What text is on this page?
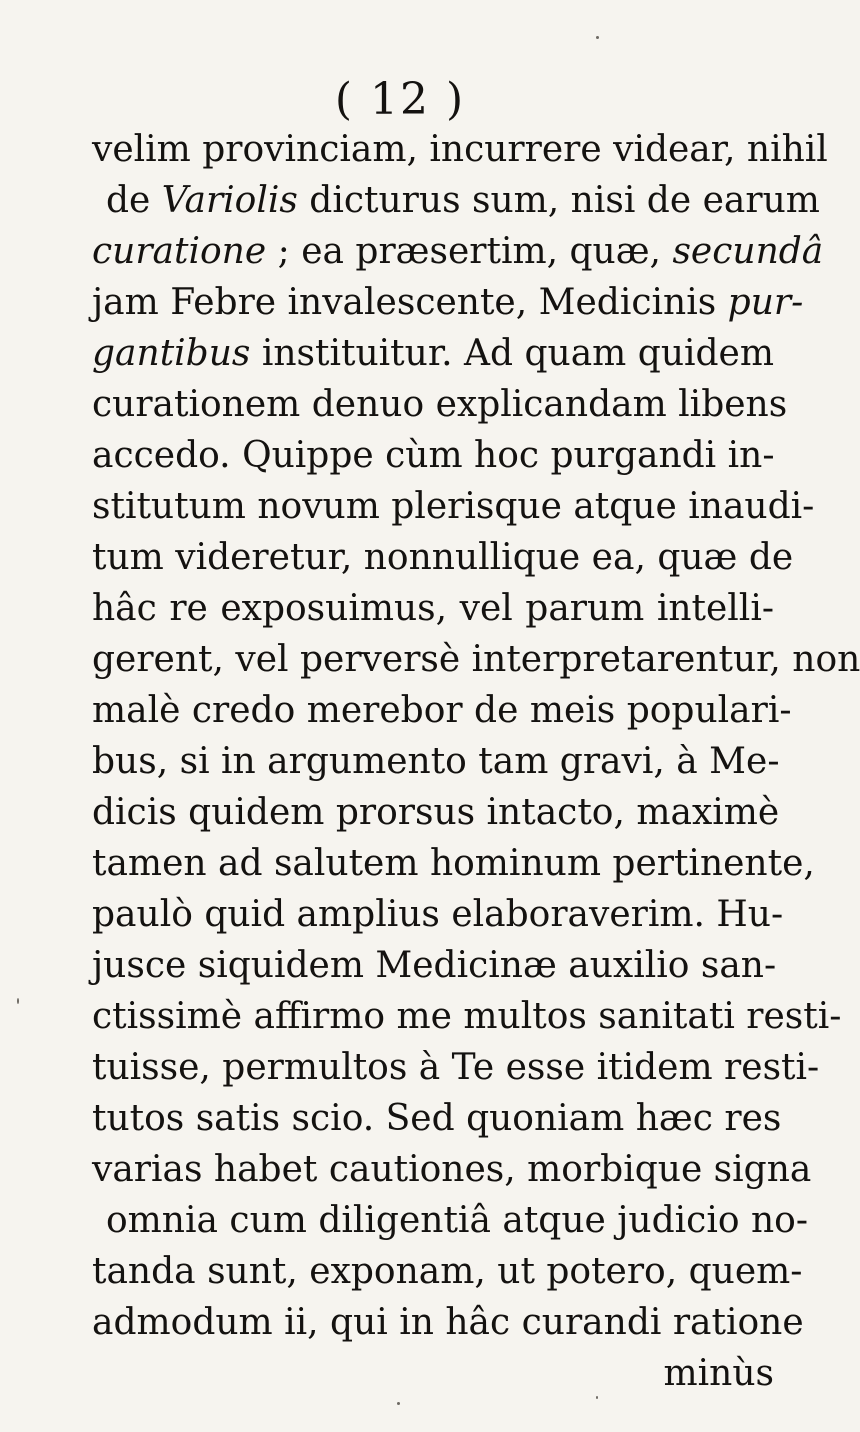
( 12 )
velim provinciam, incurrere videar, nihil
de Variolis dicturus sum, nisi de earum
curatione ; ea præsertim, quæ, secundâ
jam Febre invalescente, Medicinis pur-
gantibus instituitur. Ad quam quidem
curationem denuo explicandam libens
accedo. Quippe cùm hoc purgandi in-
stitutum novum plerisque atque inaudi-
tum videretur, nonnullique ea, quæ de
hâc re exposuimus, vel parum intelli-
gerent, vel perversè interpretarentur, non
malè credo merebor de meis populari-
bus, si in argumento tam gravi, à Me-
dicis quidem prorsus intacto, maximè
tamen ad salutem hominum pertinente,
paulò quid amplius elaboraverim. Hu-
jusce siquidem Medicinæ auxilio san-
ctissimè affirmo me multos sanitati resti-
tuisse, permultos à Te esse itidem resti-
tutos satis scio. Sed quoniam hæc res
varias habet cautiones, morbique signa
omnia cum diligentiâ atque judicio no-
tanda sunt, exponam, ut potero, quem-
admodum ii, qui in hâc curandi ratione
minùs
